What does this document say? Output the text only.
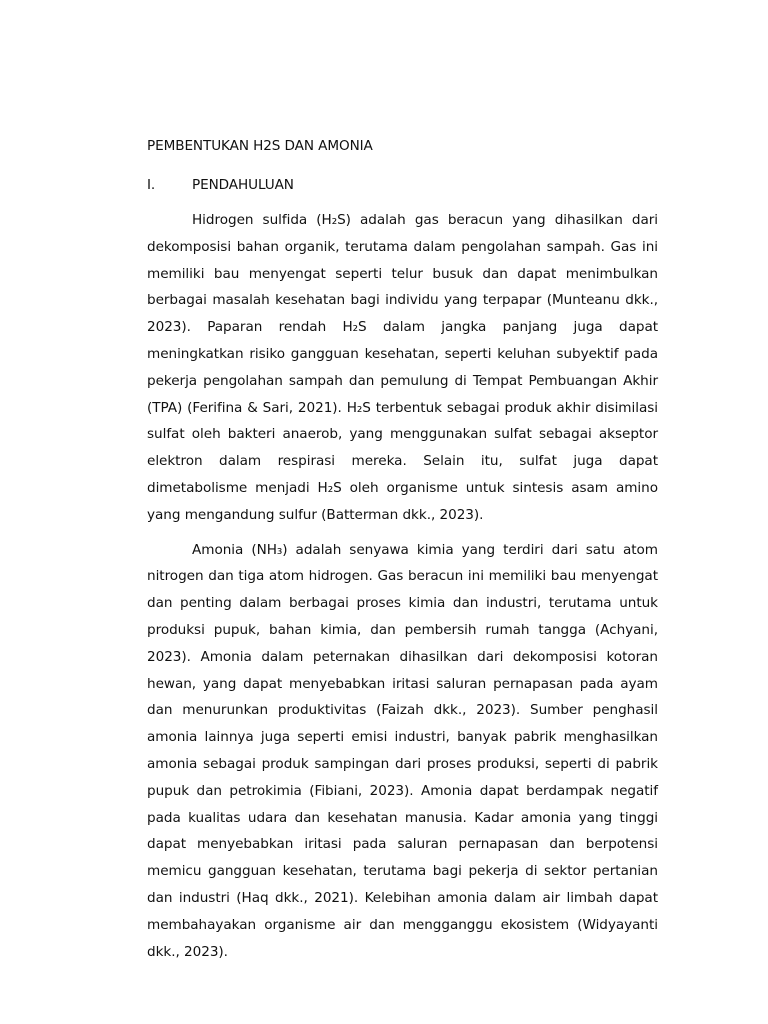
PEMBENTUKAN H2S DAN AMONIA
I.	PENDAHULUAN

Hidrogen sulfida (H₂S) adalah gas beracun yang dihasilkan dari dekomposisi bahan organik, terutama dalam pengolahan sampah. Gas ini memiliki bau menyengat seperti telur busuk dan dapat menimbulkan berbagai masalah kesehatan bagi individu yang terpapar (Munteanu dkk., 2023). Paparan rendah H₂S dalam jangka panjang juga dapat meningkatkan risiko gangguan kesehatan, seperti keluhan subyektif pada pekerja pengolahan sampah dan pemulung di Tempat Pembuangan Akhir (TPA) (Ferifina & Sari, 2021). H₂S terbentuk sebagai produk akhir disimilasi sulfat oleh bakteri anaerob, yang menggunakan sulfat sebagai akseptor elektron dalam respirasi mereka. Selain itu, sulfat juga dapat dimetabolisme menjadi H₂S oleh organisme untuk sintesis asam amino yang mengandung sulfur (Batterman dkk., 2023).

Amonia (NH₃) adalah senyawa kimia yang terdiri dari satu atom nitrogen dan tiga atom hidrogen. Gas beracun ini memiliki bau menyengat dan penting dalam berbagai proses kimia dan industri, terutama untuk produksi pupuk, bahan kimia, dan pembersih rumah tangga (Achyani, 2023). Amonia dalam peternakan dihasilkan dari dekomposisi kotoran hewan, yang dapat menyebabkan iritasi saluran pernapasan pada ayam dan menurunkan produktivitas (Faizah dkk., 2023). Sumber penghasil amonia lainnya juga seperti emisi industri, banyak pabrik menghasilkan amonia sebagai produk sampingan dari proses produksi, seperti di pabrik pupuk dan petrokimia (Fibiani, 2023). Amonia dapat berdampak negatif pada kualitas udara dan kesehatan manusia. Kadar amonia yang tinggi dapat menyebabkan iritasi pada saluran pernapasan dan berpotensi memicu gangguan kesehatan, terutama bagi pekerja di sektor pertanian dan industri (Haq dkk., 2021). Kelebihan amonia dalam air limbah dapat membahayakan organisme air dan mengganggu ekosistem (Widyayanti dkk., 2023).
